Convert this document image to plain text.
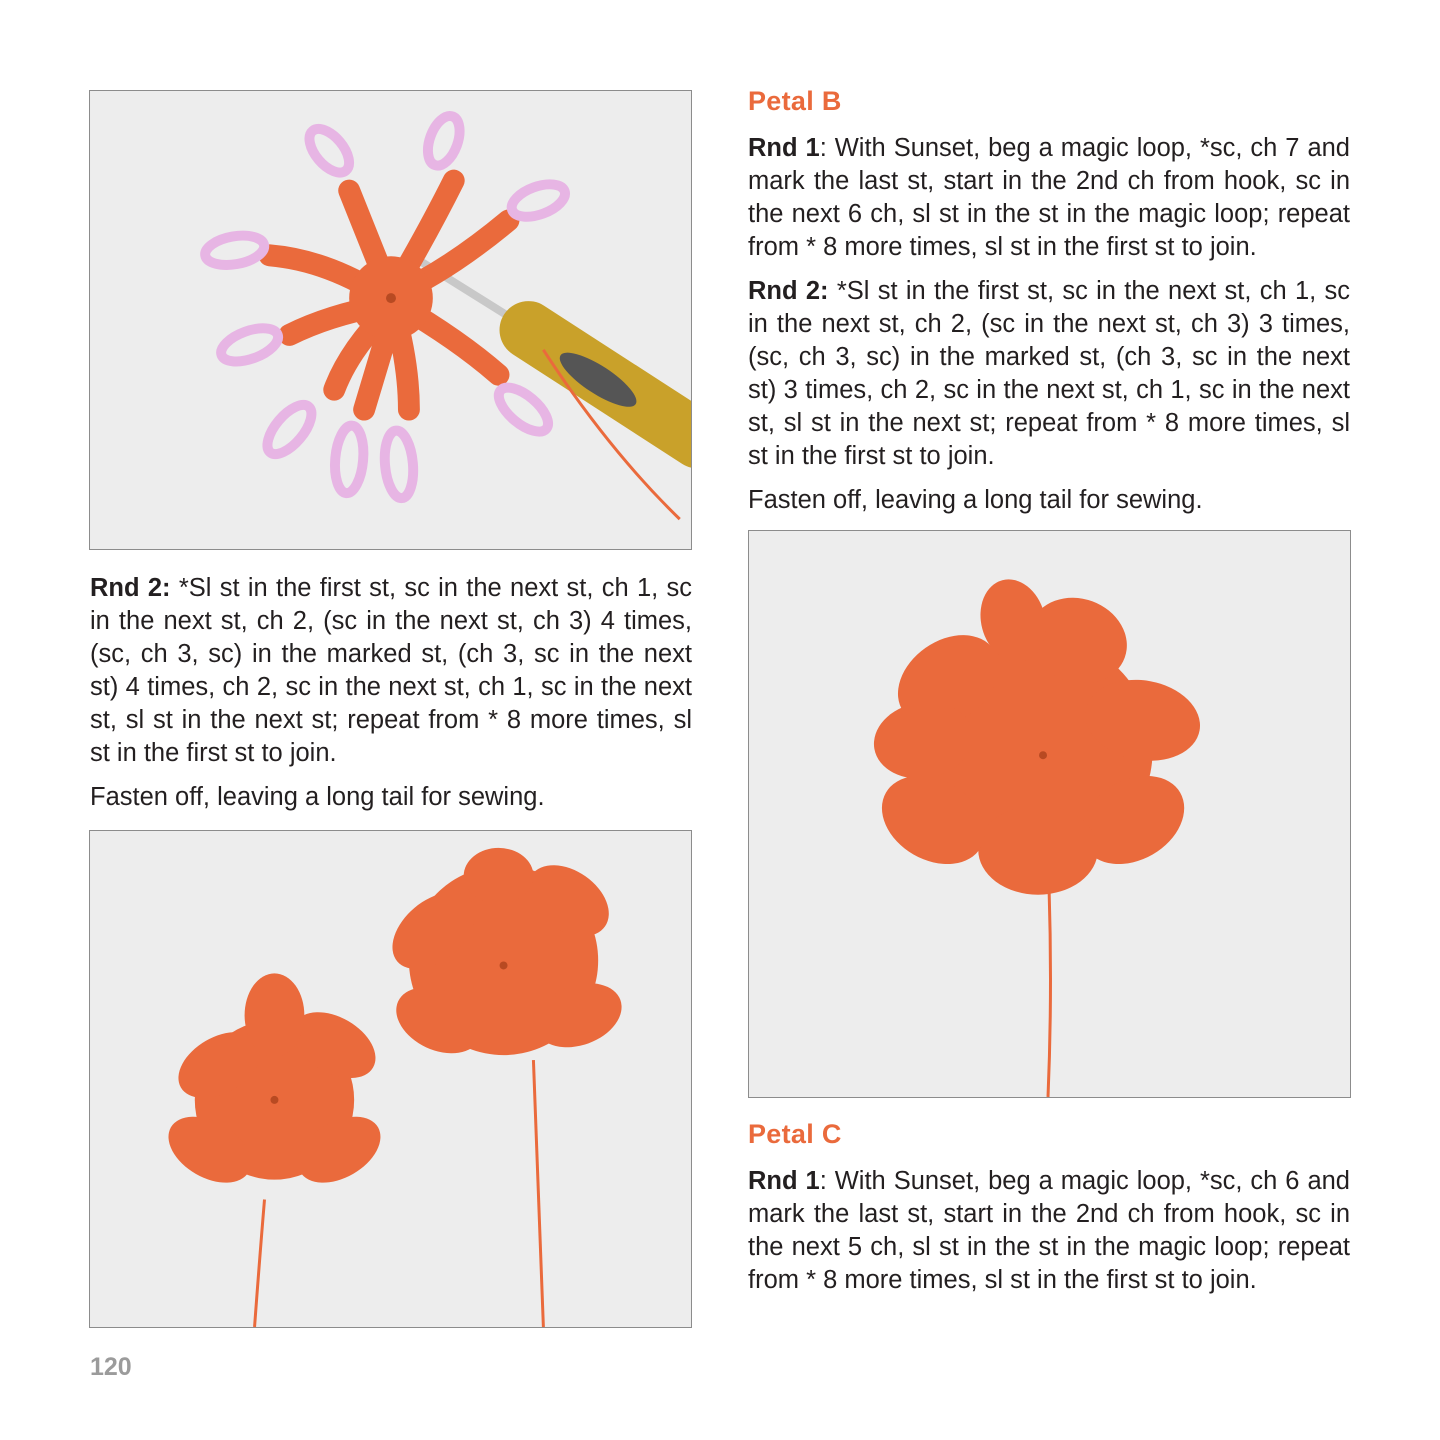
Rnd 2: *Sl st in the first st, sc in the next st, ch 1, sc in the next st, ch 2, (sc in the next st, ch 3) 4 times, (sc, ch 3, sc) in the marked st, (ch 3, sc in the next st) 4 times, ch 2, sc in the next st, ch 1, sc in the next st, sl st in the next st; repeat from * 8 more times, sl st in the first st to join.

Fasten off, leaving a long tail for sewing.

Petal B

Rnd 1: With Sunset, beg a magic loop, *sc, ch 7 and mark the last st, start in the 2nd ch from hook, sc in the next 6 ch, sl st in the st in the magic loop; repeat from * 8 more times, sl st in the first st to join.

Rnd 2: *Sl st in the first st, sc in the next st, ch 1, sc in the next st, ch 2, (sc in the next st, ch 3) 3 times, (sc, ch 3, sc) in the marked st, (ch 3, sc in the next st) 3 times, ch 2, sc in the next st, ch 1, sc in the next st, sl st in the next st; repeat from * 8 more times, sl st in the first st to join.

Fasten off, leaving a long tail for sewing.

Petal C

Rnd 1: With Sunset, beg a magic loop, *sc, ch 6 and mark the last st, start in the 2nd ch from hook, sc in the next 5 ch, sl st in the st in the magic loop; repeat from * 8 more times, sl st in the first st to join.

120
